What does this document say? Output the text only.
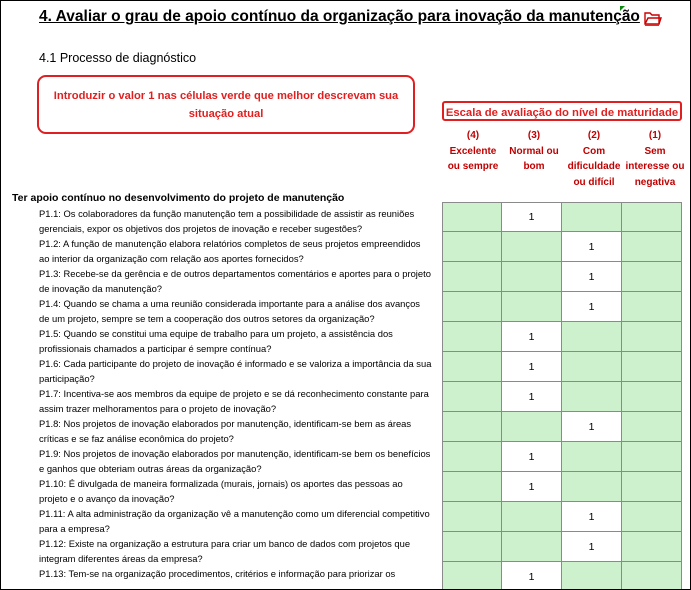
4. Avaliar o grau de apoio contínuo da organização para inovação da manutenção
4.1 Processo de diagnóstico
Introduzir o valor 1 nas células verde que melhor descrevam sua
situação atual	Escala de avaliação do nível de maturidade
(4)
Excelente
ou sempre
(3)
Normal ou
bom
(2)
Com
dificuldade
ou difícil
(1)
Sem
interesse ou
negativa
Ter apoio contínuo no desenvolvimento do projeto de manutenção
P1.1: Os colaboradores da função manutenção tem a possibilidade de assistir as reuniões
gerenciais, expor os objetivos dos projetos de inovação e receber sugestões?
P1.2: A função de manutenção elabora relatórios completos de seus projetos empreendidos
ao interior da organização com relação aos aportes fornecidos?
P1.3: Recebe-se da gerência e de outros departamentos comentários e aportes para o projeto
de inovação da manutenção?
P1.4: Quando se chama a uma reunião considerada importante para a análise dos avanços
de um projeto, sempre se tem a cooperação dos outros setores da organização?
P1.5: Quando se constitui uma equipe de trabalho para um projeto, a assistência dos
profissionais chamados a participar é sempre contínua?
P1.6: Cada participante do projeto de inovação é informado e se valoriza a importância da sua
participação?
P1.7: Incentiva-se aos membros da equipe de projeto e se dá reconhecimento constante para
assim trazer melhoramentos para o projeto de inovação?
P1.8: Nos projetos de inovação elaborados por manutenção, identificam-se bem as áreas
críticas e se faz análise econômica do projeto?
P1.9: Nos projetos de inovação elaborados por manutenção, identificam-se bem os benefícios
e ganhos que obteriam outras áreas da organização?
P1.10: É divulgada de maneira formalizada (murais, jornais) os aportes das pessoas ao
projeto e o avanço da inovação?
P1.11: A alta administração da organização vê a manutenção como um diferencial competitivo
para a empresa?
P1.12: Existe na organização a estrutura para criar um banco de dados com projetos que
integram diferentes áreas da empresa?
P1.13: Tem-se na organização procedimentos, critérios e informação para priorizar os
1
1
1
1
1
1
1
1
1
1
1
1
1
